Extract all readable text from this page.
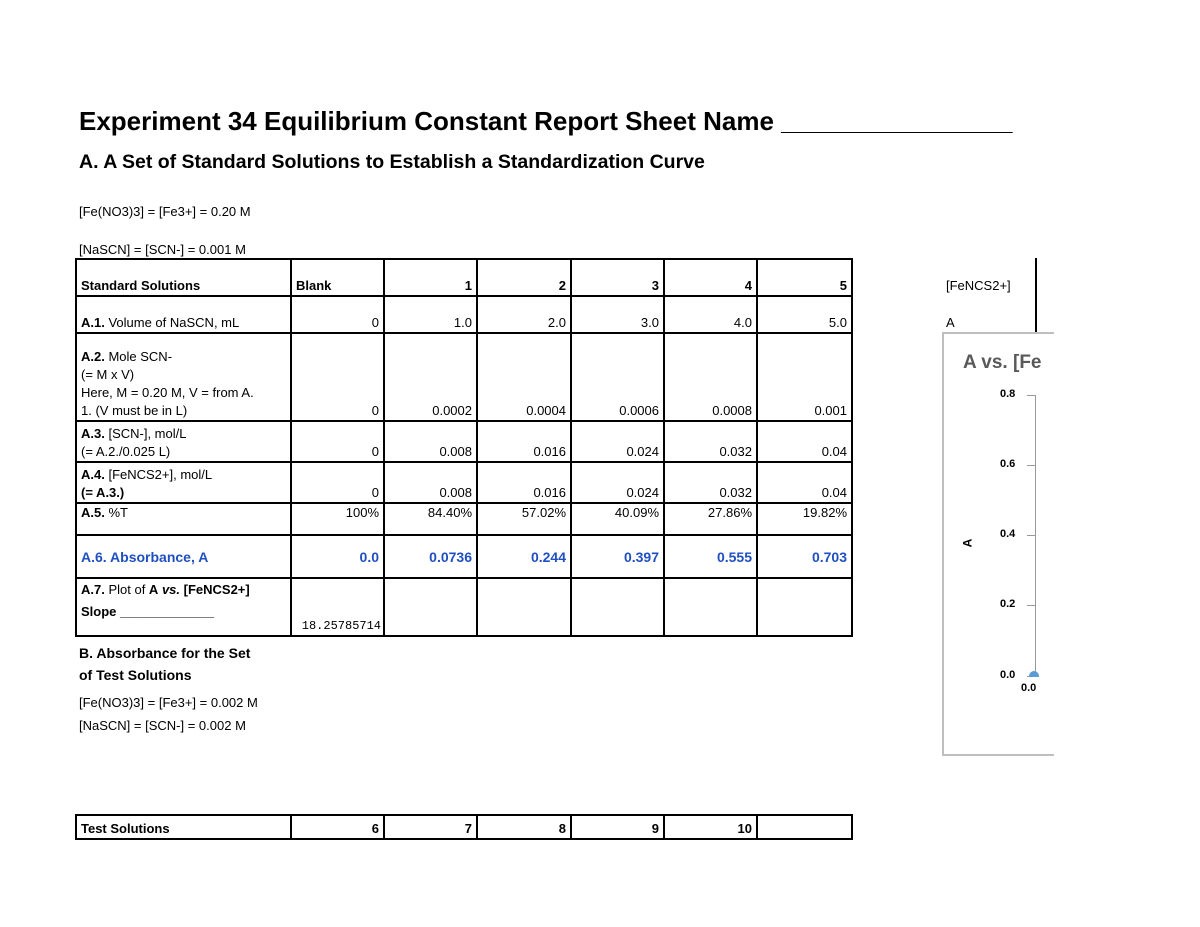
Experiment 34 Equilibrium Constant Report Sheet Name ________________
A. A Set of Standard Solutions to Establish a Standardization Curve
[Fe(NO3)3] = [Fe3+] = 0.20 M
[NaSCN] = [SCN-] = 0.001 M
Standard Solutions	Blank	1	2	3	4	5
A.1. Volume of NaSCN, mL	0	1.0	2.0	3.0	4.0	5.0

A.2. Mole SCN-
(= M x V)
Here, M = 0.20 M, V = from A.
1. (V must be in L)	0	0.0002	0.0004	0.0006	0.0008	0.001

A.3. [SCN-], mol/L
(= A.2./0.025 L)	0	0.008	0.016	0.024	0.032	0.04

A.4. [FeNCS2+], mol/L
(= A.3.)	0	0.008	0.016	0.024	0.032	0.04
A.5. %T	100%	84.40%	57.02%	40.09%	27.86%	19.82%
A.6. Absorbance, A	0.0	0.0736	0.244	0.397	0.555	0.703

A.7. Plot of A vs. [FeNCS2+]
Slope _____________	18.25785714					
B. Absorbance for the Set
of Test Solutions
[Fe(NO3)3] = [Fe3+] = 0.002 M
[NaSCN] = [SCN-] = 0.002 M
Test Solutions	6	7	8	9	10	
[FeNCS2+]
A
A vs. [Fe
0.8
0.6
0.4
0.2
0.0
A
0.0
